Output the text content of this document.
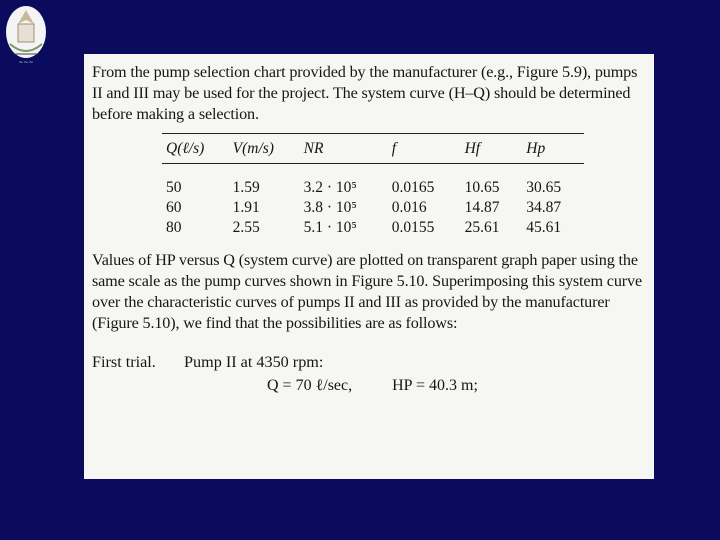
~~~

From the pump selection chart provided by the manufacturer (e.g., Figure 5.9), pumps II and III may be used for the project. The system curve (H–Q) should be determined before making a selection.

Q(ℓ/s)	V(m/s)	NR	f	Hf	Hp
50	1.59	3.2 · 10⁵	0.0165	10.65	30.65
60	1.91	3.8 · 10⁵	0.016	14.87	34.87
80	2.55	5.1 · 10⁵	0.0155	25.61	45.61

Values of HP versus Q (system curve) are plotted on transparent graph paper using the same scale as the pump curves shown in Figure 5.10. Superimposing this system curve over the characteristic curves of pumps II and III as provided by the manufacturer (Figure 5.10), we find that the possibilities are as follows:

First trial.	Pump II at 4350 rpm:
Q = 70 ℓ/sec,          HP = 40.3 m;
